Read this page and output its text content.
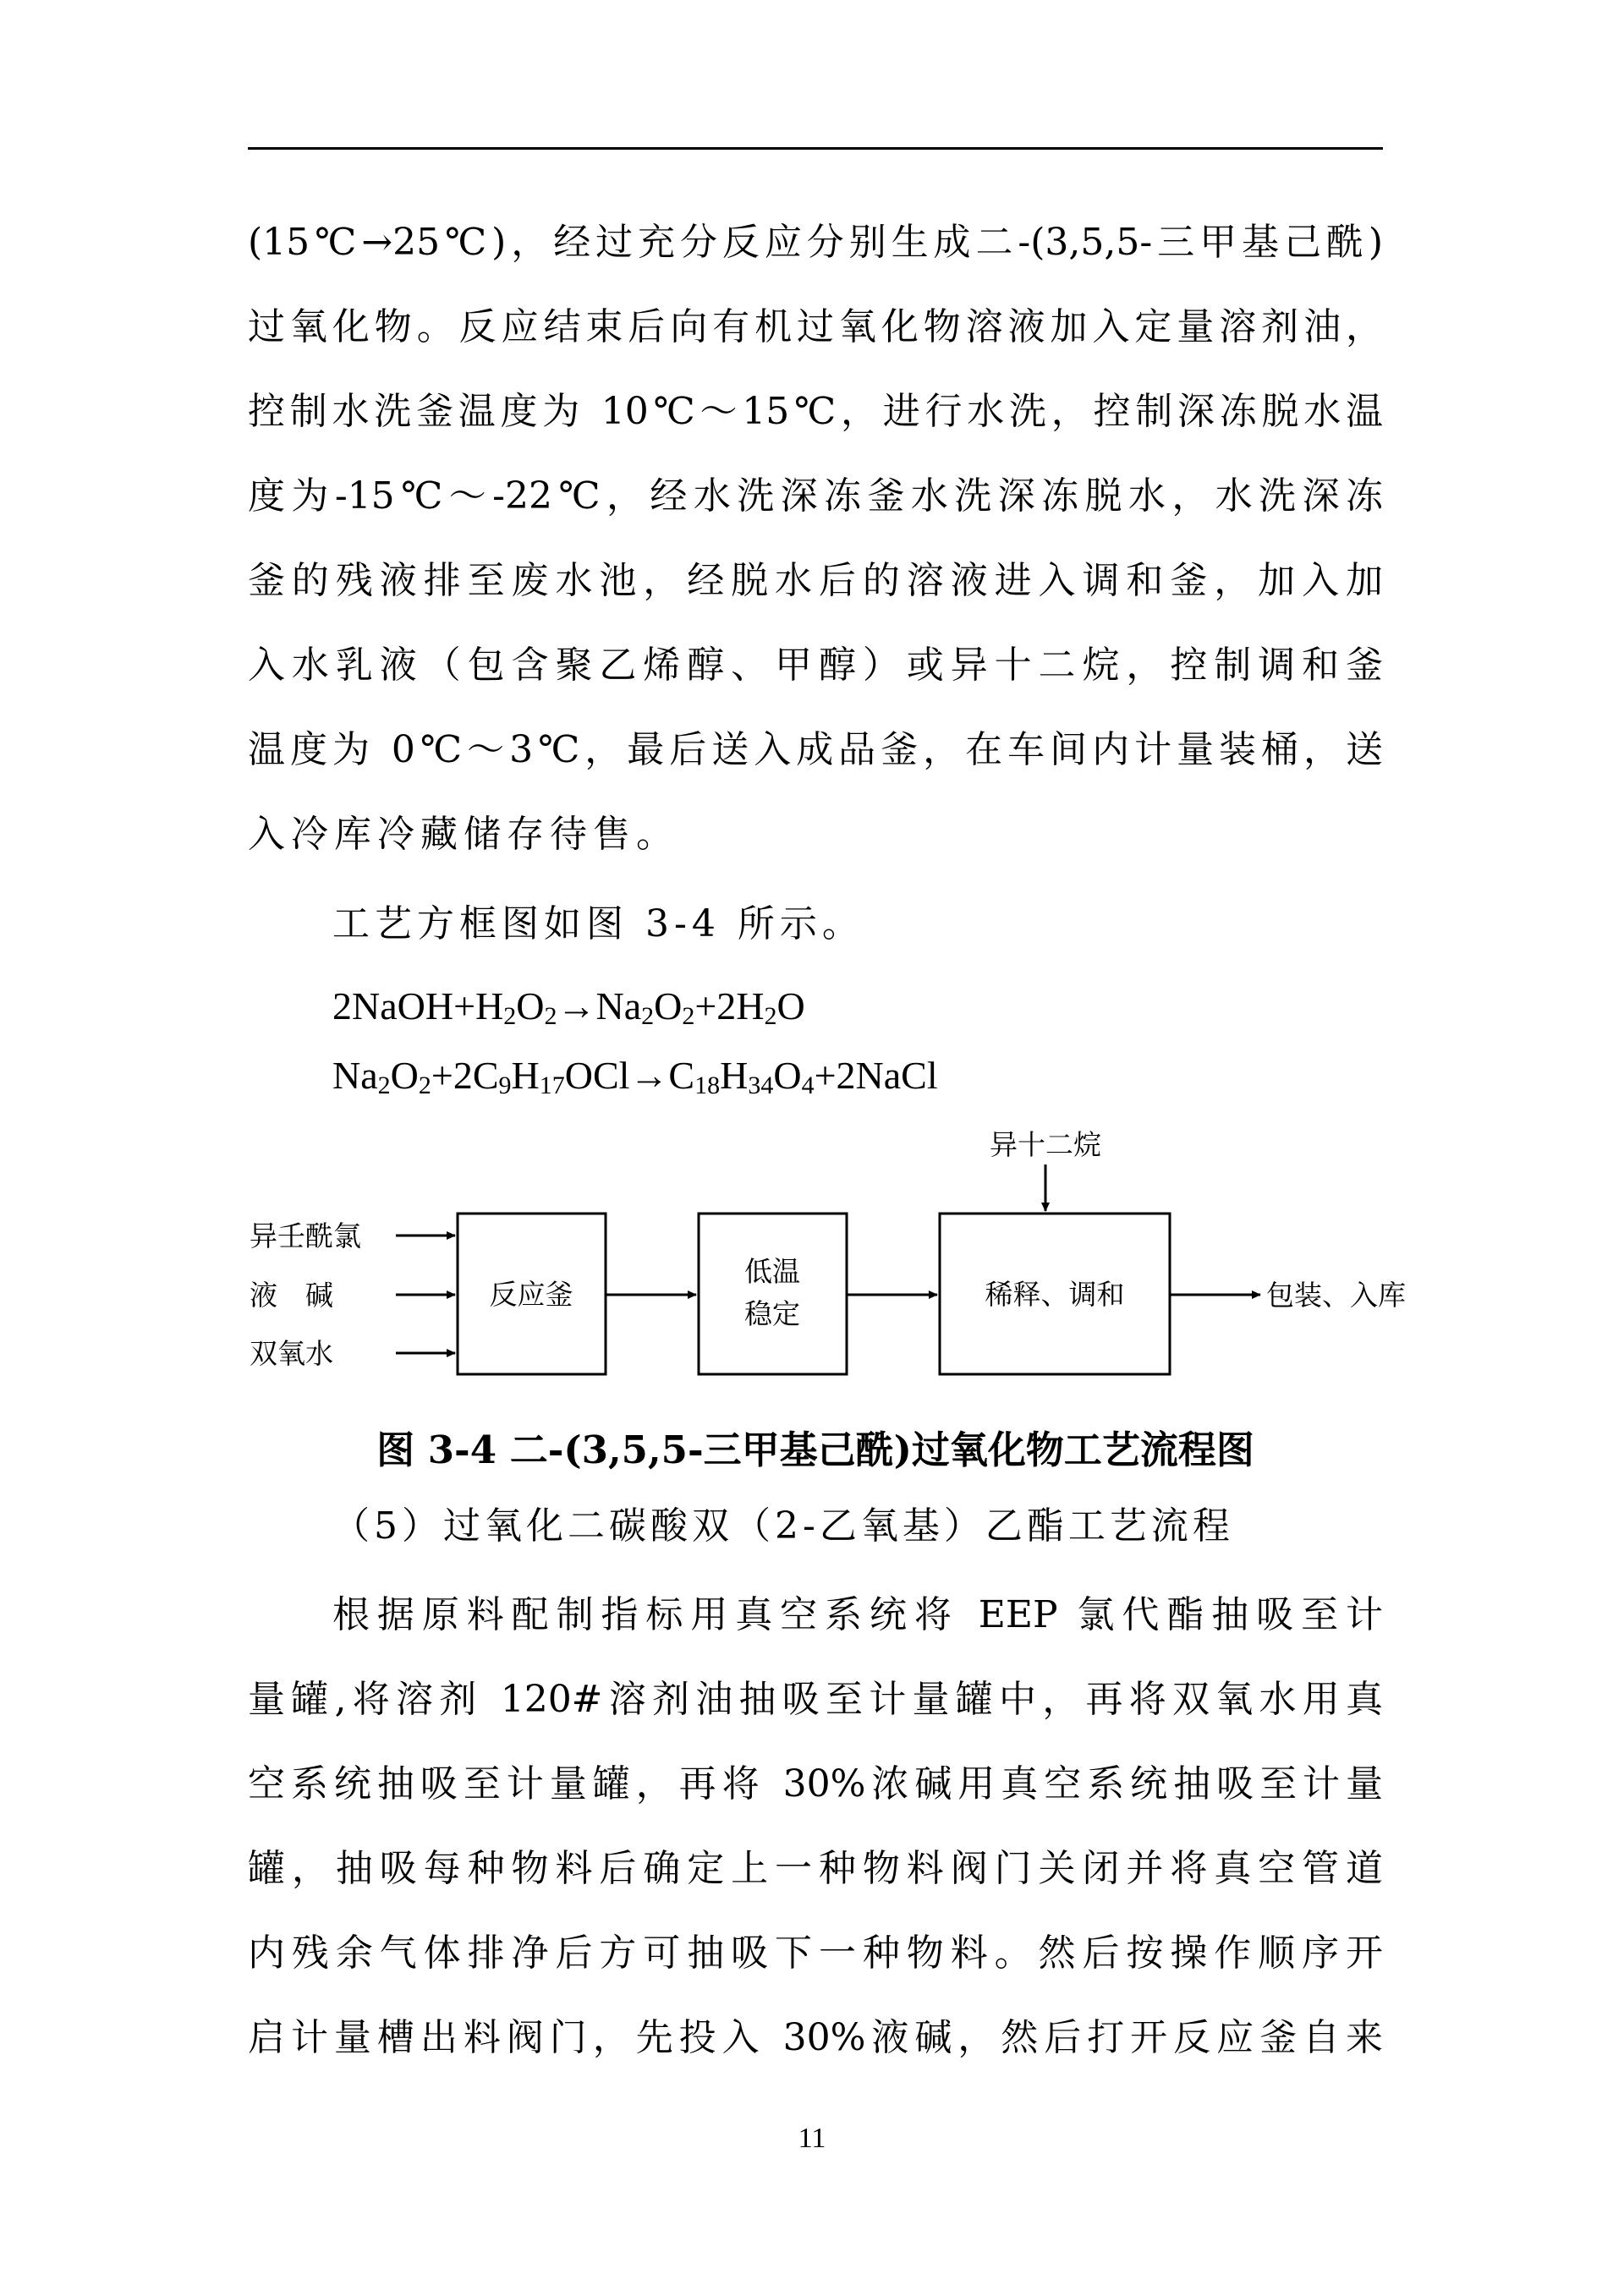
(15℃→25℃)，经过充分反应分别生成二-(3,5,5-三甲基己酰)
过氧化物。反应结束后向有机过氧化物溶液加入定量溶剂油，
控制水洗釜温度为 10℃～15℃，进行水洗，控制深冻脱水温
度为-15℃～-22℃，经水洗深冻釜水洗深冻脱水，水洗深冻
釜的残液排至废水池，经脱水后的溶液进入调和釜，加入加
入水乳液（包含聚乙烯醇、甲醇）或异十二烷，控制调和釜
温度为 0℃～3℃，最后送入成品釜，在车间内计量装桶，送
入冷库冷藏储存待售。
工艺方框图如图 3-4 所示。
$2NaOH+H_2O_2\to Na_2O_2+2H_2O$
$Na_2O_2+2C_9H_{17}OCl\to C_{18}H_{34}O_4+2NaCl$
异壬酰氯
液　碱
双氧水
反应釜
低温
稳定
异十二烷
稀释、调和	包装、入库
图 3-4 二-(3,5,5-三甲基己酰)过氧化物工艺流程图
（5）过氧化二碳酸双（2-乙氧基）乙酯工艺流程
根据原料配制指标用真空系统将 EEP 氯代酯抽吸至计
量罐,将溶剂 120#溶剂油抽吸至计量罐中，再将双氧水用真
空系统抽吸至计量罐，再将 30%浓碱用真空系统抽吸至计量
罐，抽吸每种物料后确定上一种物料阀门关闭并将真空管道
内残余气体排净后方可抽吸下一种物料。然后按操作顺序开
启计量槽出料阀门，先投入 30%液碱，然后打开反应釜自来
11
